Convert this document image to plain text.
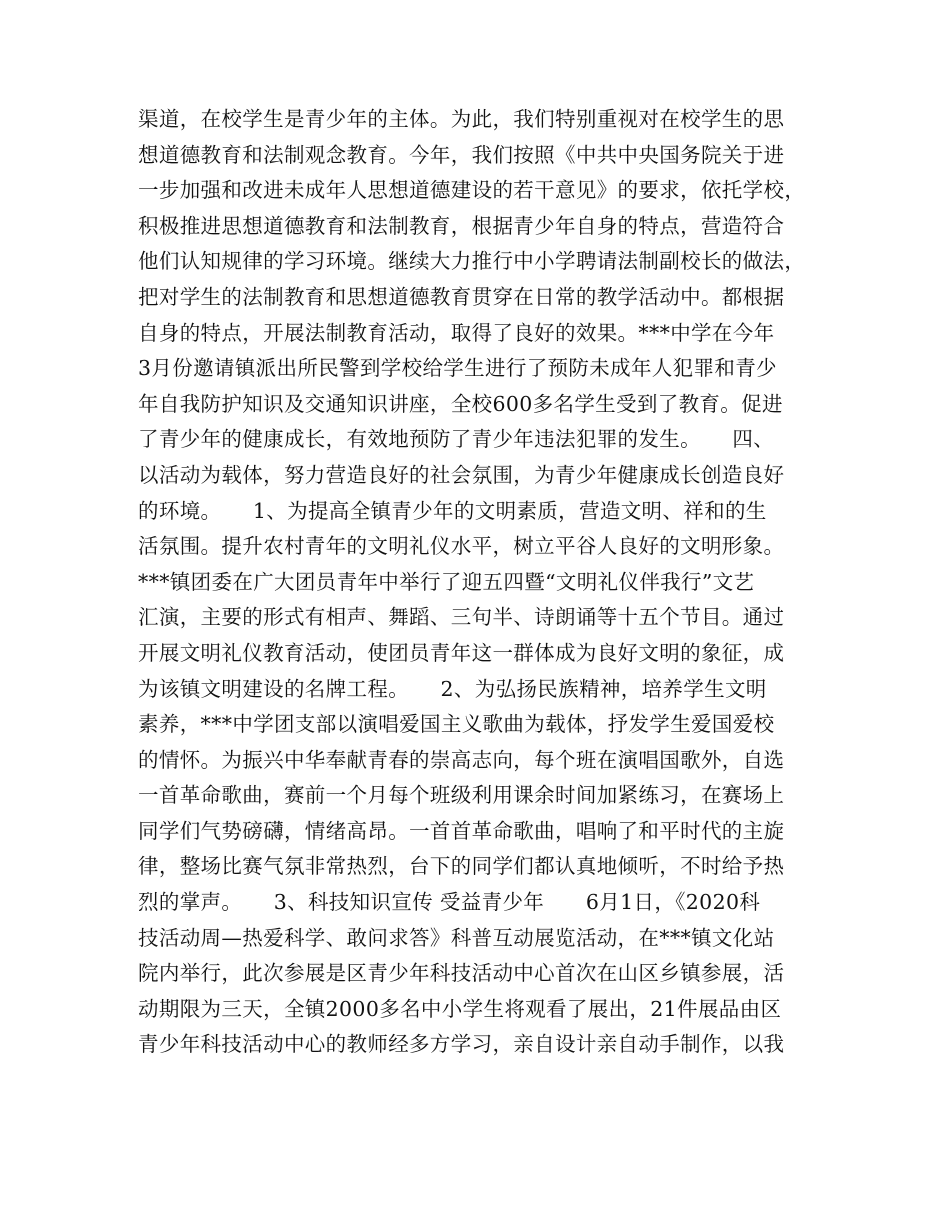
渠道，在校学生是青少年的主体。为此，我们特别重视对在校学生的思
想道德教育和法制观念教育。今年，我们按照《中共中央国务院关于进
一步加强和改进未成年人思想道德建设的若干意见》的要求，依托学校，
积极推进思想道德教育和法制教育，根据青少年自身的特点，营造符合
他们认知规律的学习环境。继续大力推行中小学聘请法制副校长的做法，
把对学生的法制教育和思想道德教育贯穿在日常的教学活动中。都根据
自身的特点，开展法制教育活动，取得了良好的效果。***中学在今年
3月份邀请镇派出所民警到学校给学生进行了预防未成年人犯罪和青少
年自我防护知识及交通知识讲座，全校600多名学生受到了教育。促进
了青少年的健康成长，有效地预防了青少年违法犯罪的发生。　　四、
以活动为载体，努力营造良好的社会氛围，为青少年健康成长创造良好
的环境。　　1、为提高全镇青少年的文明素质，营造文明、祥和的生
活氛围。提升农村青年的文明礼仪水平，树立平谷人良好的文明形象。
***镇团委在广大团员青年中举行了迎五四暨“文明礼仪伴我行”文艺
汇演，主要的形式有相声、舞蹈、三句半、诗朗诵等十五个节目。通过
开展文明礼仪教育活动，使团员青年这一群体成为良好文明的象征，成
为该镇文明建设的名牌工程。　　2、为弘扬民族精神，培养学生文明
素养，***中学团支部以演唱爱国主义歌曲为载体，抒发学生爱国爱校
的情怀。为振兴中华奉献青春的崇高志向，每个班在演唱国歌外，自选
一首革命歌曲，赛前一个月每个班级利用课余时间加紧练习，在赛场上
同学们气势磅礴，情绪高昂。一首首革命歌曲，唱响了和平时代的主旋
律，整场比赛气氛非常热烈，台下的同学们都认真地倾听，不时给予热
烈的掌声。　　3、科技知识宣传 受益青少年　　6月1日，《2020科
技活动周—热爱科学、敢问求答》科普互动展览活动，在***镇文化站
院内举行，此次参展是区青少年科技活动中心首次在山区乡镇参展，活
动期限为三天，全镇2000多名中小学生将观看了展出，21件展品由区
青少年科技活动中心的教师经多方学习，亲自设计亲自动手制作，以我
